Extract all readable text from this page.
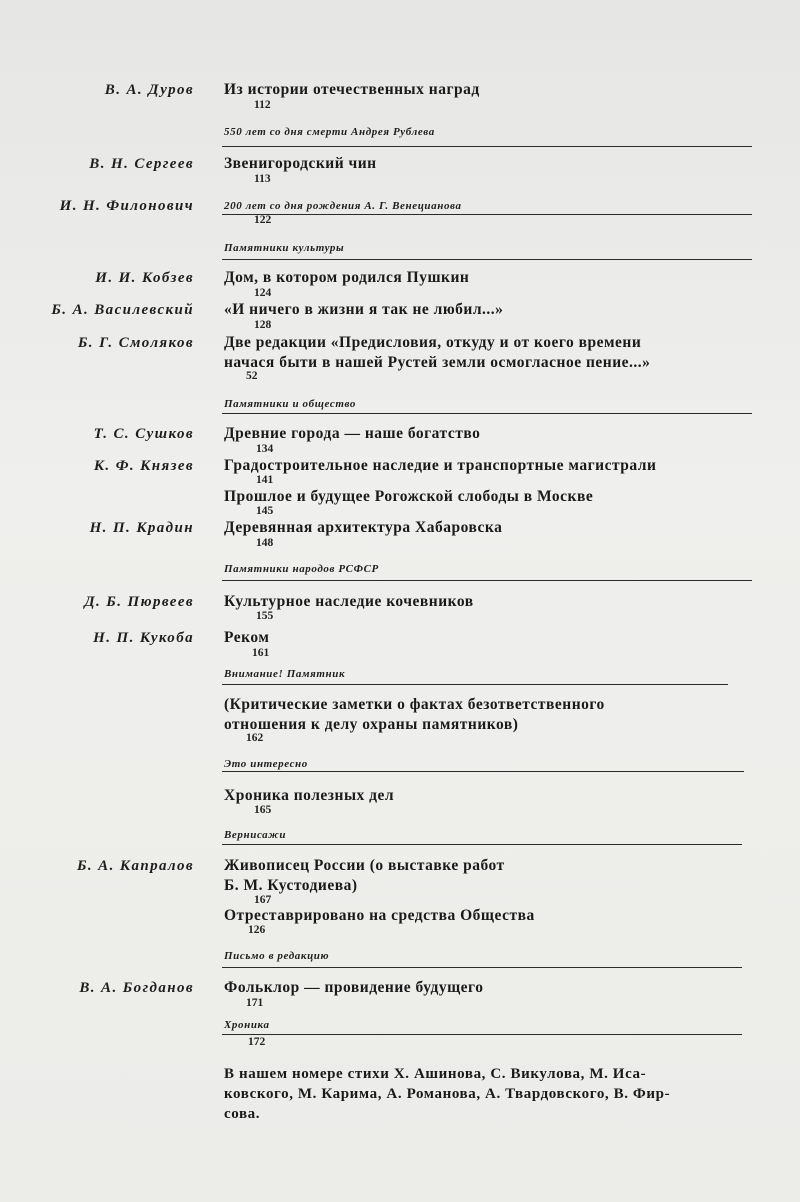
В. А. Дуров Из истории отечественных наград
112
550 лет со дня смерти Андрея Рублева
В. Н. Сергеев Звенигородский чин
113
И. Н. Филонович	200 лет со дня рождения А. Г. Венецианова
122
Памятники культуры
И. И. Кобзев Дом, в котором родился Пушкин
124
Б. А. Василевский «И ничего в жизни я так не любил...»
128
Б. Г. Смоляков Две редакции «Предисловия, откуду и от коего времени
начася быти в нашей Рустей земли осмогласное пение...»
52
Памятники и общество
Т. С. Сушков Древние города — наше богатство
134
К. Ф. Князев Градостроительное наследие и транспортные магистрали
141
Прошлое и будущее Рогожской слободы в Москве
145
Н. П. Крадин Деревянная архитектура Хабаровска
148
Памятники народов РСФСР
Д. Б. Пюрвеев Культурное наследие кочевников
155
Н. П. Кукоба Реком
161
Внимание! Памятник
(Критические заметки о фактах безответственного
отношения к делу охраны памятников)
162
Это интересно
Хроника полезных дел
165
Вернисажи
Б. А. Капралов Живописец России (о выставке работ
Б. М. Кустодиева)
167
Отреставрировано на средства Общества
126
Письмо в редакцию
В. А. Богданов Фольклор — провидение будущего
171
Хроника
172
В нашем номере стихи Х. Ашинова, С. Викулова, М. Иса-
ковского, М. Карима, А. Романова, А. Твардовского, В. Фир-
сова.
